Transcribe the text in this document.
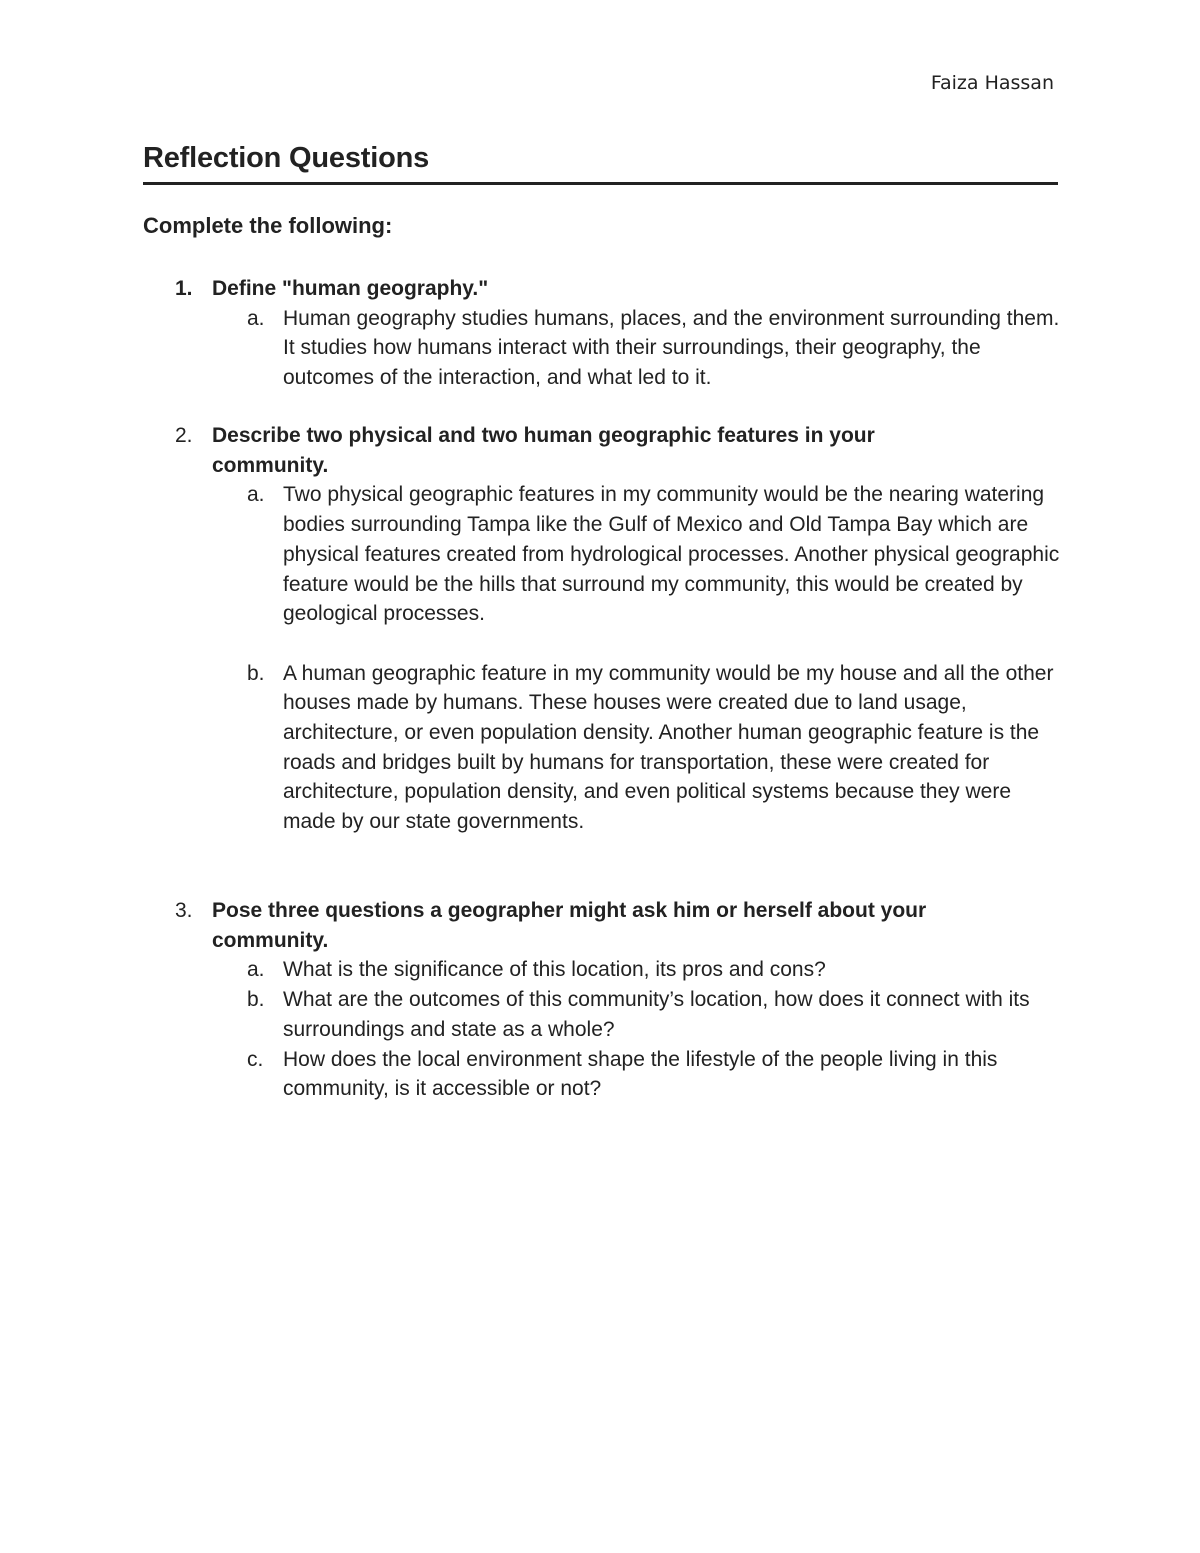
Faiza Hassan
Reflection Questions
Complete the following:
1. Define "human geography."
a. Human geography studies humans, places, and the environment surrounding them. It studies how humans interact with their surroundings, their geography, the outcomes of the interaction, and what led to it.
2. Describe two physical and two human geographic features in your community.
a. Two physical geographic features in my community would be the nearing watering bodies surrounding Tampa like the Gulf of Mexico and Old Tampa Bay which are physical features created from hydrological processes. Another physical geographic feature would be the hills that surround my community, this would be created by geological processes.
b. A human geographic feature in my community would be my house and all the other houses made by humans. These houses were created due to land usage, architecture, or even population density. Another human geographic feature is the roads and bridges built by humans for transportation, these were created for architecture, population density, and even political systems because they were made by our state governments.
3. Pose three questions a geographer might ask him or herself about your community.
a. What is the significance of this location, its pros and cons?
b. What are the outcomes of this community’s location, how does it connect with its surroundings and state as a whole?
c. How does the local environment shape the lifestyle of the people living in this community, is it accessible or not?
